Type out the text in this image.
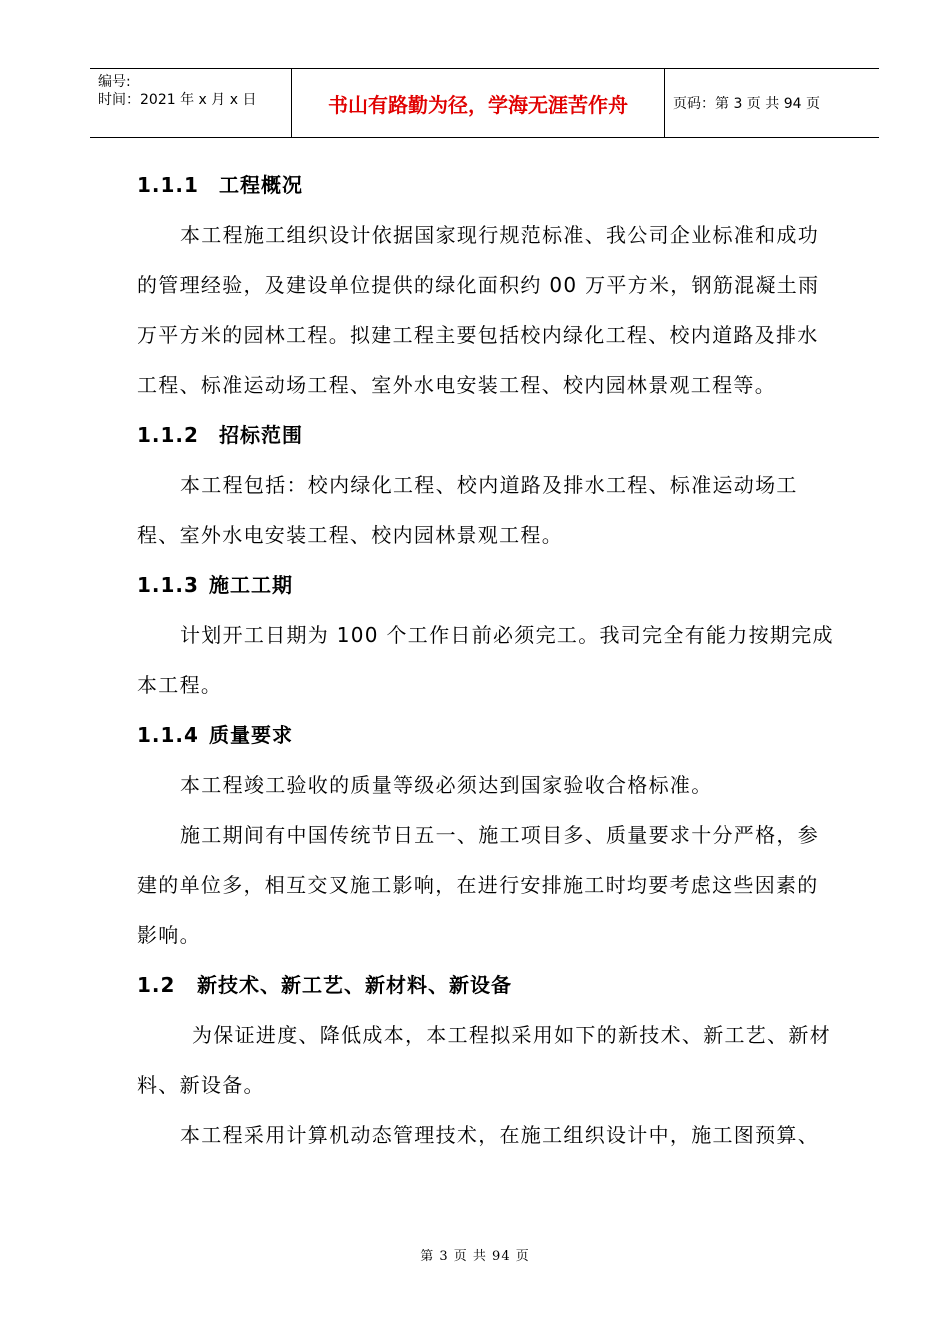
编号:
时间：2021 年 x 月 x 日	书山有路勤为径，学海无涯苦作舟	页码：第 3 页 共 94 页
1.1.1 工程概况

本工程施工组织设计依据国家现行规范标准、我公司企业标准和成功的管理经验，及建设单位提供的绿化面积约 00 万平方米，钢筋混凝土雨万平方米的园林工程。拟建工程主要包括校内绿化工程、校内道路及排水工程、标准运动场工程、室外水电安装工程、校内园林景观工程等。

1.1.2 招标范围

本工程包括：校内绿化工程、校内道路及排水工程、标准运动场工程、室外水电安装工程、校内园林景观工程。

1.1.3 施工工期

计划开工日期为 100 个工作日前必须完工。我司完全有能力按期完成本工程。

1.1.4 质量要求

本工程竣工验收的质量等级必须达到国家验收合格标准。

施工期间有中国传统节日五一、施工项目多、质量要求十分严格，参建的单位多，相互交叉施工影响，在进行安排施工时均要考虑这些因素的影响。

1.2 新技术、新工艺、新材料、新设备

为保证进度、降低成本，本工程拟采用如下的新技术、新工艺、新材料、新设备。

本工程采用计算机动态管理技术，在施工组织设计中，施工图预算、

第 3 页 共 94 页
